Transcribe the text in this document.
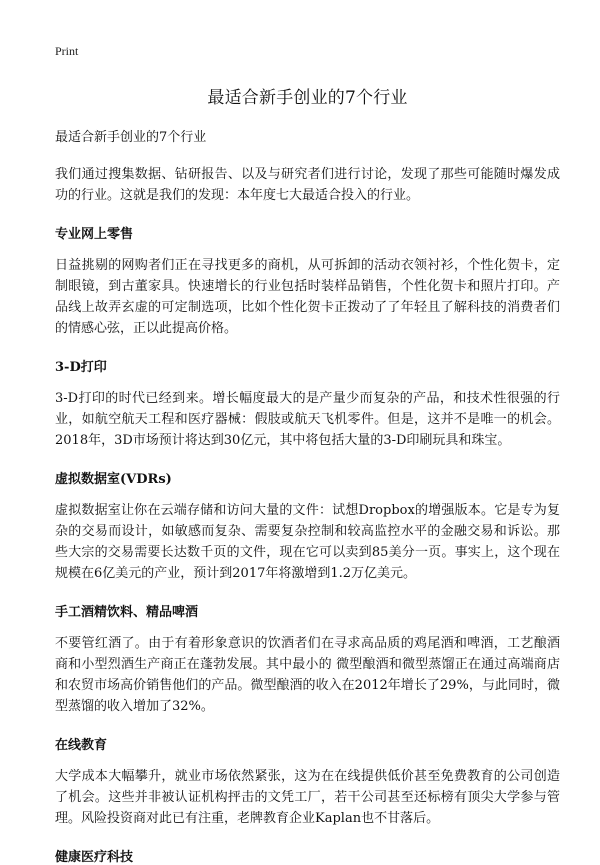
Print
最适合新手创业的7个行业

最适合新手创业的7个行业

我们通过搜集数据、钻研报告、以及与研究者们进行讨论，发现了那些可能随时爆发成功的行业。这就是我们的发现：本年度七大最适合投入的行业。

专业网上零售

日益挑剔的网购者们正在寻找更多的商机，从可拆卸的活动衣领衬衫，个性化贺卡，定制眼镜，到古董家具。快速增长的行业包括时装样品销售，个性化贺卡和照片打印。产品线上故弄玄虚的可定制选项，比如个性化贺卡正拨动了了年轻且了解科技的消费者们的情感心弦，正以此提高价格。

3-D打印

3-D打印的时代已经到来。增长幅度最大的是产量少而复杂的产品，和技术性很强的行业，如航空航天工程和医疗器械：假肢或航天飞机零件。但是，这并不是唯一的机会。2018年，3D市场预计将达到30亿元，其中将包括大量的3-D印刷玩具和珠宝。

虚拟数据室(VDRs)

虚拟数据室让你在云端存储和访问大量的文件：试想Dropbox的增强版本。它是专为复杂的交易而设计，如敏感而复杂、需要复杂控制和较高监控水平的金融交易和诉讼。那些大宗的交易需要长达数千页的文件，现在它可以卖到85美分一页。事实上，这个现在规模在6亿美元的产业，预计到2017年将激增到1.2万亿美元。

手工酒精饮料、精品啤酒

不要管红酒了。由于有着形象意识的饮酒者们在寻求高品质的鸡尾酒和啤酒，工艺酿酒商和小型烈酒生产商正在蓬勃发展。其中最小的 微型酿酒和微型蒸馏正在通过高端商店和农贸市场高价销售他们的产品。微型酿酒的收入在2012年增长了29%，与此同时，微型蒸馏的收入增加了32%。

在线教育

大学成本大幅攀升，就业市场依然紧张，这为在在线提供低价甚至免费教育的公司创造了机会。这些并非被认证机构抨击的文凭工厂，若干公司甚至还标榜有顶尖大学参与管理。风险投资商对此已有注重，老牌教育企业Kaplan也不甘落后。

健康医疗科技
